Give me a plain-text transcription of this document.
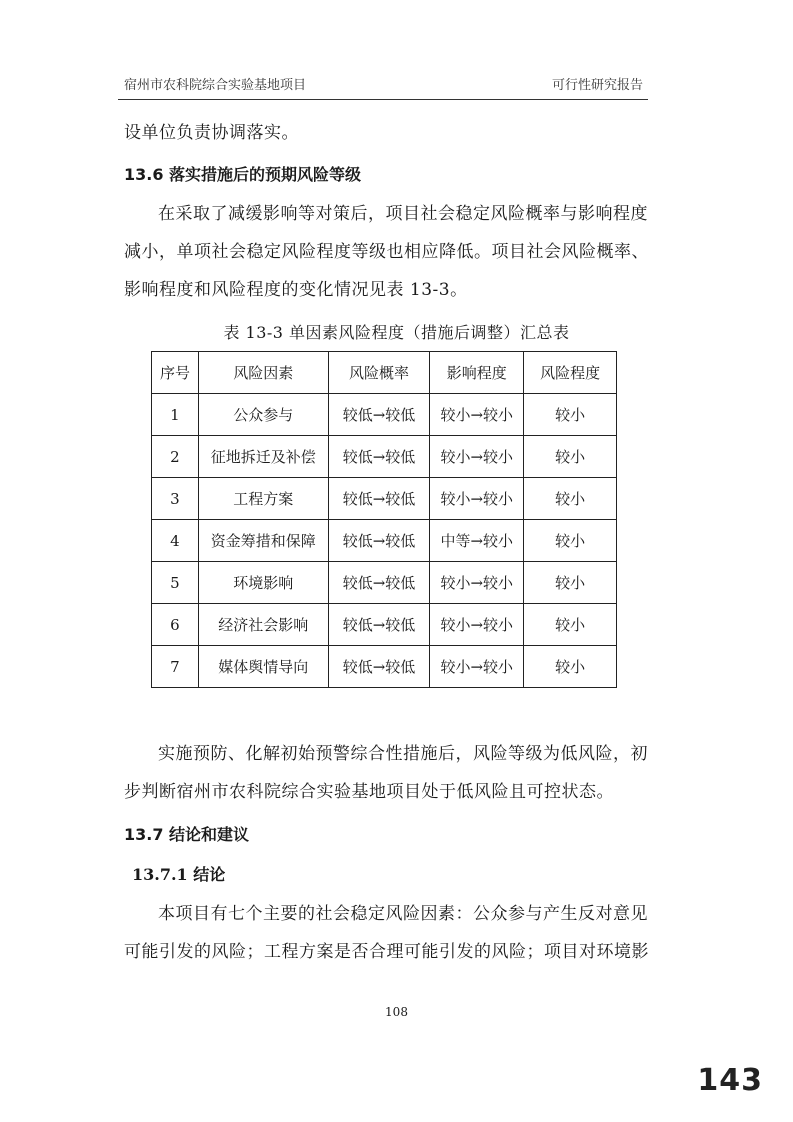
宿州市农科院综合实验基地项目	可行性研究报告
设单位负责协调落实。
13.6 落实措施后的预期风险等级
在采取了减缓影响等对策后，项目社会稳定风险概率与影响程度减小，单项社会稳定风险程度等级也相应降低。项目社会风险概率、影响程度和风险程度的变化情况见表 13-3。
表 13-3 单因素风险程度（措施后调整）汇总表
序号	风险因素	风险概率	影响程度	风险程度
1	公众参与	较低→较低	较小→较小	较小
2	征地拆迁及补偿	较低→较低	较小→较小	较小
3	工程方案	较低→较低	较小→较小	较小
4	资金筹措和保障	较低→较低	中等→较小	较小
5	环境影响	较低→较低	较小→较小	较小
6	经济社会影响	较低→较低	较小→较小	较小
7	媒体舆情导向	较低→较低	较小→较小	较小
实施预防、化解初始预警综合性措施后，风险等级为低风险，初步判断宿州市农科院综合实验基地项目处于低风险且可控状态。
13.7 结论和建议
13.7.1 结论
本项目有七个主要的社会稳定风险因素：公众参与产生反对意见可能引发的风险；工程方案是否合理可能引发的风险；项目对环境影
108
143
